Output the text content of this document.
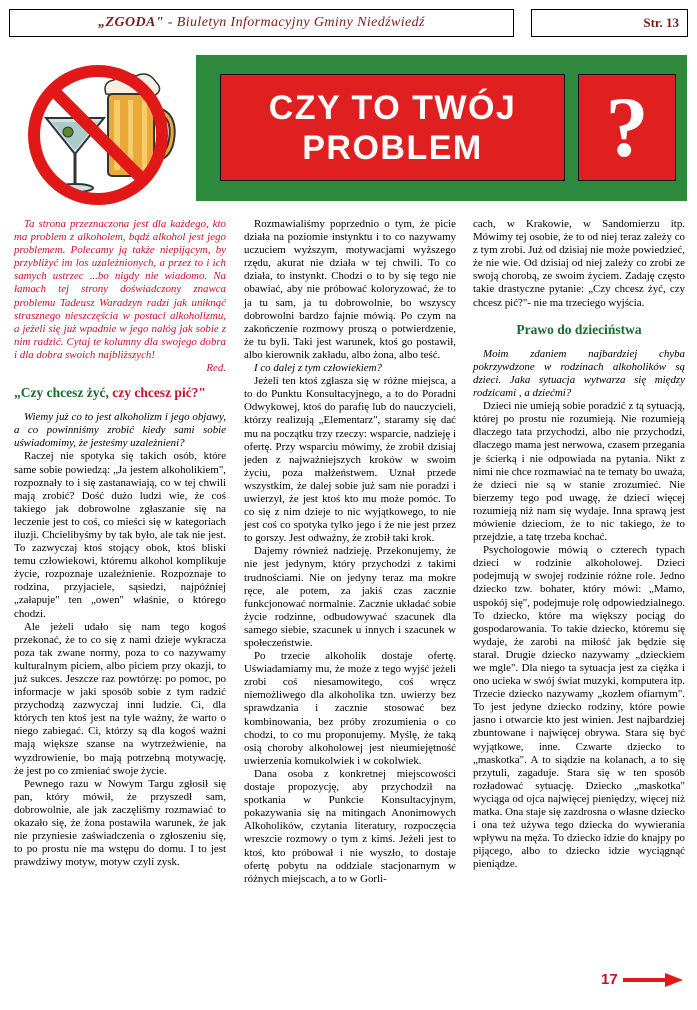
„ZGODA" - Biuletyn Informacyjny Gminy Niedźwiedź	Str. 13
CZY TO TWÓJ
PROBLEM	?

Ta strona przeznaczona jest dla każdego, kto ma problem z alkoholem, bądź alkohol jest jego problemem. Polecamy ją także niepijącym, by przybliżyć im los uzależnionych, a przez to i ich samych ustrzec ...bo nigdy nie wiadomo. Na łamach tej strony doświadczony znawca problemu Tadeusz Waradzyn radzi jak uniknąć strasznego nieszczęścia w postaci alkoholizmu, a jeżeli się już wpadnie w jego nałóg jak sobie z nim radzić. Cytaj te kolumny dla swojego dobra i dla dobra swoich najbliższych!

Red.

„Czy chcesz żyć, czy chcesz pić?"

Wiemy już co to jest alkoholizm i jego objawy, a co powinniśmy zrobić kiedy sami sobie uświadomimy, że jesteśmy uzależnieni?

Raczej nie spotyka się takich osób, które same sobie powiedzą: „Ja jestem alkoholikiem", rozpoznały to i się zastanawiają, co w tej chwili mają zrobić? Dość dużo ludzi wie, że coś takiego jak dobrowolne zgłaszanie się na leczenie jest to coś, co mieści się w kategoriach iluzji. Chcielibyśmy by tak było, ale tak nie jest. To zazwyczaj ktoś stojący obok, ktoś bliski temu człowiekowi, któremu alkohol komplikuje życie, rozpoznaje uzależnienie. Rozpoznaje to rodzina, przyjaciele, sąsiedzi, najpóźniej „załapuje" ten „owen" właśnie, o którego chodzi.

Ale jeżeli udało się nam tego kogoś przekonać, że to co się z nami dzieje wykracza poza tak zwane normy, poza to co nazywamy kulturalnym piciem, albo piciem przy okazji, to już sukces. Jeszcze raz powtórzę: po pomoc, po informacje w jaki sposób sobie z tym radzić przychodzą zazwyczaj inni ludzie. Ci, dla których ten ktoś jest na tyle ważny, że warto o niego zabiegać. Ci, którzy są dla kogoś ważni mają większe szanse na wytrzeźwienie, na wyzdrowienie, bo mają potrzebną motywację, że jest po co zmieniać swoje życie.

Pewnego razu w Nowym Targu zgłosił się pan, który mówił, że przyszedł sam, dobrowolnie, ale jak zaczęliśmy rozmawiać to okazało się, że żona postawiła warunek, że jak nie przyniesie zaświadczenia o zgłoszeniu się, to po prostu nie ma wstępu do domu. I to jest prawdziwy motyw, motyw czyli zysk.

Rozmawialiśmy poprzednio o tym, że picie działa na poziomie instynktu i to co nazywamy uczuciem wyższym, motywacjami wyższego rzędu, akurat nie działa w tej chwili. To co działa, to instynkt. Chodzi o to by się tego nie obawiać, aby nie próbować koloryzować, że to ja tu sam, ja tu dobrowolnie, bo wszyscy dobrowolni bardzo fajnie mówią. Po czym na zakończenie rozmowy proszą o potwierdzenie, że tu byli. Taki jest warunek, ktoś go postawił, albo kierownik zakładu, albo żona, albo teść.

I co dalej z tym człowiekiem?

Jeżeli ten ktoś zgłasza się w różne miejsca, a to do Punktu Konsultacyjnego, a to do Poradni Odwykowej, ktoś do parafię lub do nauczycieli, którzy realizują „Elementarz", staramy się dać mu na początku trzy rzeczy: wsparcie, nadzieję i ofertę. Przy wsparciu mówimy, że zrobił dzisiaj jeden z najważniejszych kroków w swoim życiu, poza małżeństwem. Uznał przede wszystkim, że dalej sobie już sam nie poradzi i uwierzył, że jest ktoś kto mu może pomóc. To co się z nim dzieje to nic wyjątkowego, to nie jest coś co spotyka tylko jego i że nie jest przez to gorszy. Jest odważny, że zrobił taki krok.

Dajemy również nadzieję. Przekonujemy, że nie jest jedynym, który przychodzi z takimi trudnościami. Nie on jedyny teraz ma mokre ręce, ale potem, za jakiś czas zacznie funkcjonować normalnie. Zacznie układać sobie życie rodzinne, odbudowywać szacunek dla samego siebie, szacunek u innych i szacunek w społeczeństwie.

Po trzecie alkoholik dostaje ofertę. Uświadamiamy mu, że może z tego wyjść jeżeli zrobi coś niesamowitego, coś wręcz niemożliwego dla alkoholika tzn. uwierzy bez sprawdzania i zacznie stosować bez kombinowania, bez próby zrozumienia o co chodzi, to co mu proponujemy. Myślę, że taką osią choroby alkoholowej jest nieumiejętność uwierzenia komukolwiek i w cokolwiek.

Dana osoba z konkretnej miejscowości dostaje propozycję, aby przychodził na spotkania w Punkcie Konsultacyjnym, pokazywania się na mitingach Anonimowych Alkoholików, czytania literatury, rozpoczęcia wreszcie rozmowy o tym z kimś. Jeżeli jest to ktoś, kto próbował i nie wyszło, to dostaje ofertę pobytu na oddziale stacjonarnym w różnych miejscach, a to w Gorli-

cach, w Krakowie, w Sandomierzu itp. Mówimy tej osobie, że to od niej teraz zależy co z tym zrobi. Już od dzisiaj nie może powiedzieć, że nie wie. Od dzisiaj od niej zależy co zrobi ze swoją chorobą, ze swoim życiem. Zadaję często takie drastyczne pytanie: „Czy chcesz żyć, czy chcesz pić?"- nie ma trzeciego wyjścia.

Prawo do dzieciństwa

Moim zdaniem najbardziej chyba pokrzywdzone w rodzinach alkoholików są dzieci. Jaka sytuacja wytwarza się między rodzicami , a dziećmi?

Dzieci nie umieją sobie poradzić z tą sytuacją, której po prostu nie rozumieją. Nie rozumieją dlaczego tata przychodzi, albo nie przychodzi, dlaczego mama jest nerwowa, czasem przegania je ścierką i nie odpowiada na pytania. Nikt z nimi nie chce rozmawiać na te tematy bo uważa, że dzieci nie są w stanie zrozumieć. Nie bierzemy tego pod uwagę, że dzieci więcej rozumieją niż nam się wydaje. Inna sprawą jest mówienie dzieciom, że to nic takiego, że to przejdzie, a tatę trzeba kochać.

Psychologowie mówią o czterech typach dzieci w rodzinie alkoholowej. Dzieci podejmują w swojej rodzinie różne role. Jedno dziecko tzw. bohater, który mówi: „Mamo, uspokój się", podejmuje rolę odpowiedzialnego. To dziecko, które ma większy pociąg do gospodarowania. To takie dziecko, któremu się wydaje, że zarobi na miłość jak będzie się starał. Drugie dziecko nazywamy „dzieckiem we mgle". Dla niego ta sytuacja jest za ciężka i ono ucieka w swój świat muzyki, komputera itp. Trzecie dziecko nazywamy „kozłem ofiarnym". To jest jedyne dziecko rodziny, które powie jasno i otwarcie kto jest winien. Jest najbardziej zbuntowane i najwięcej obrywa. Stara się być wyjątkowe, inne. Czwarte dziecko to „maskotka". A to siądzie na kolanach, a to się przytuli, zagaduje. Stara się w ten sposób rozładować sytuację. Dziecko „maskotka" wyciąga od ojca najwięcej pieniędzy, więcej niż matka. Ona staje się zazdrosna o własne dziecko i ona też używa tego dziecka do wywierania wpływu na męża. To dziecko idzie do knajpy po pijącego, albo to dziecko idzie wyciągnąć pieniądze.

17
